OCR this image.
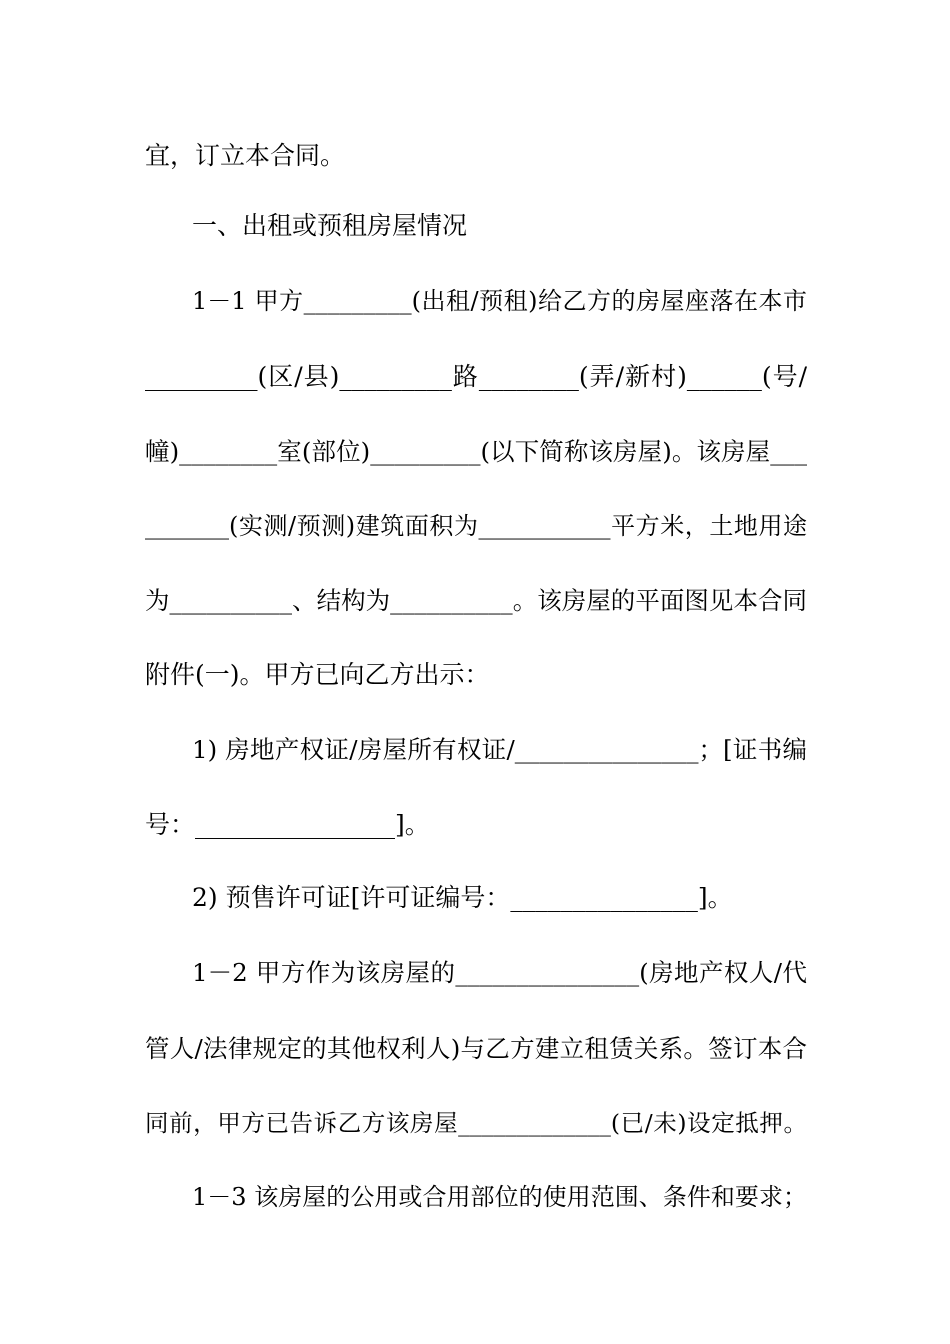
宜，订立本合同。
一、出租或预租房屋情况
1－1 甲方_________(出租/预租)给乙方的房屋座落在本市
_________(区/县)_________路________(弄/新村)______(号/
幢)________室(部位)_________(以下简称该房屋)。该房屋___
_______(实测/预测)建筑面积为___________平方米，土地用途
为__________、结构为__________。该房屋的平面图见本合同
附件(一)。甲方已向乙方出示：
1) 房地产权证/房屋所有权证/_______________；[证书编
号：________________]。
2) 预售许可证[许可证编号：_______________]。
1－2 甲方作为该房屋的_______________(房地产权人/代
管人/法律规定的其他权利人)与乙方建立租赁关系。签订本合
同前，甲方已告诉乙方该房屋_____________(已/未)设定抵押。
1－3 该房屋的公用或合用部位的使用范围、条件和要求；
